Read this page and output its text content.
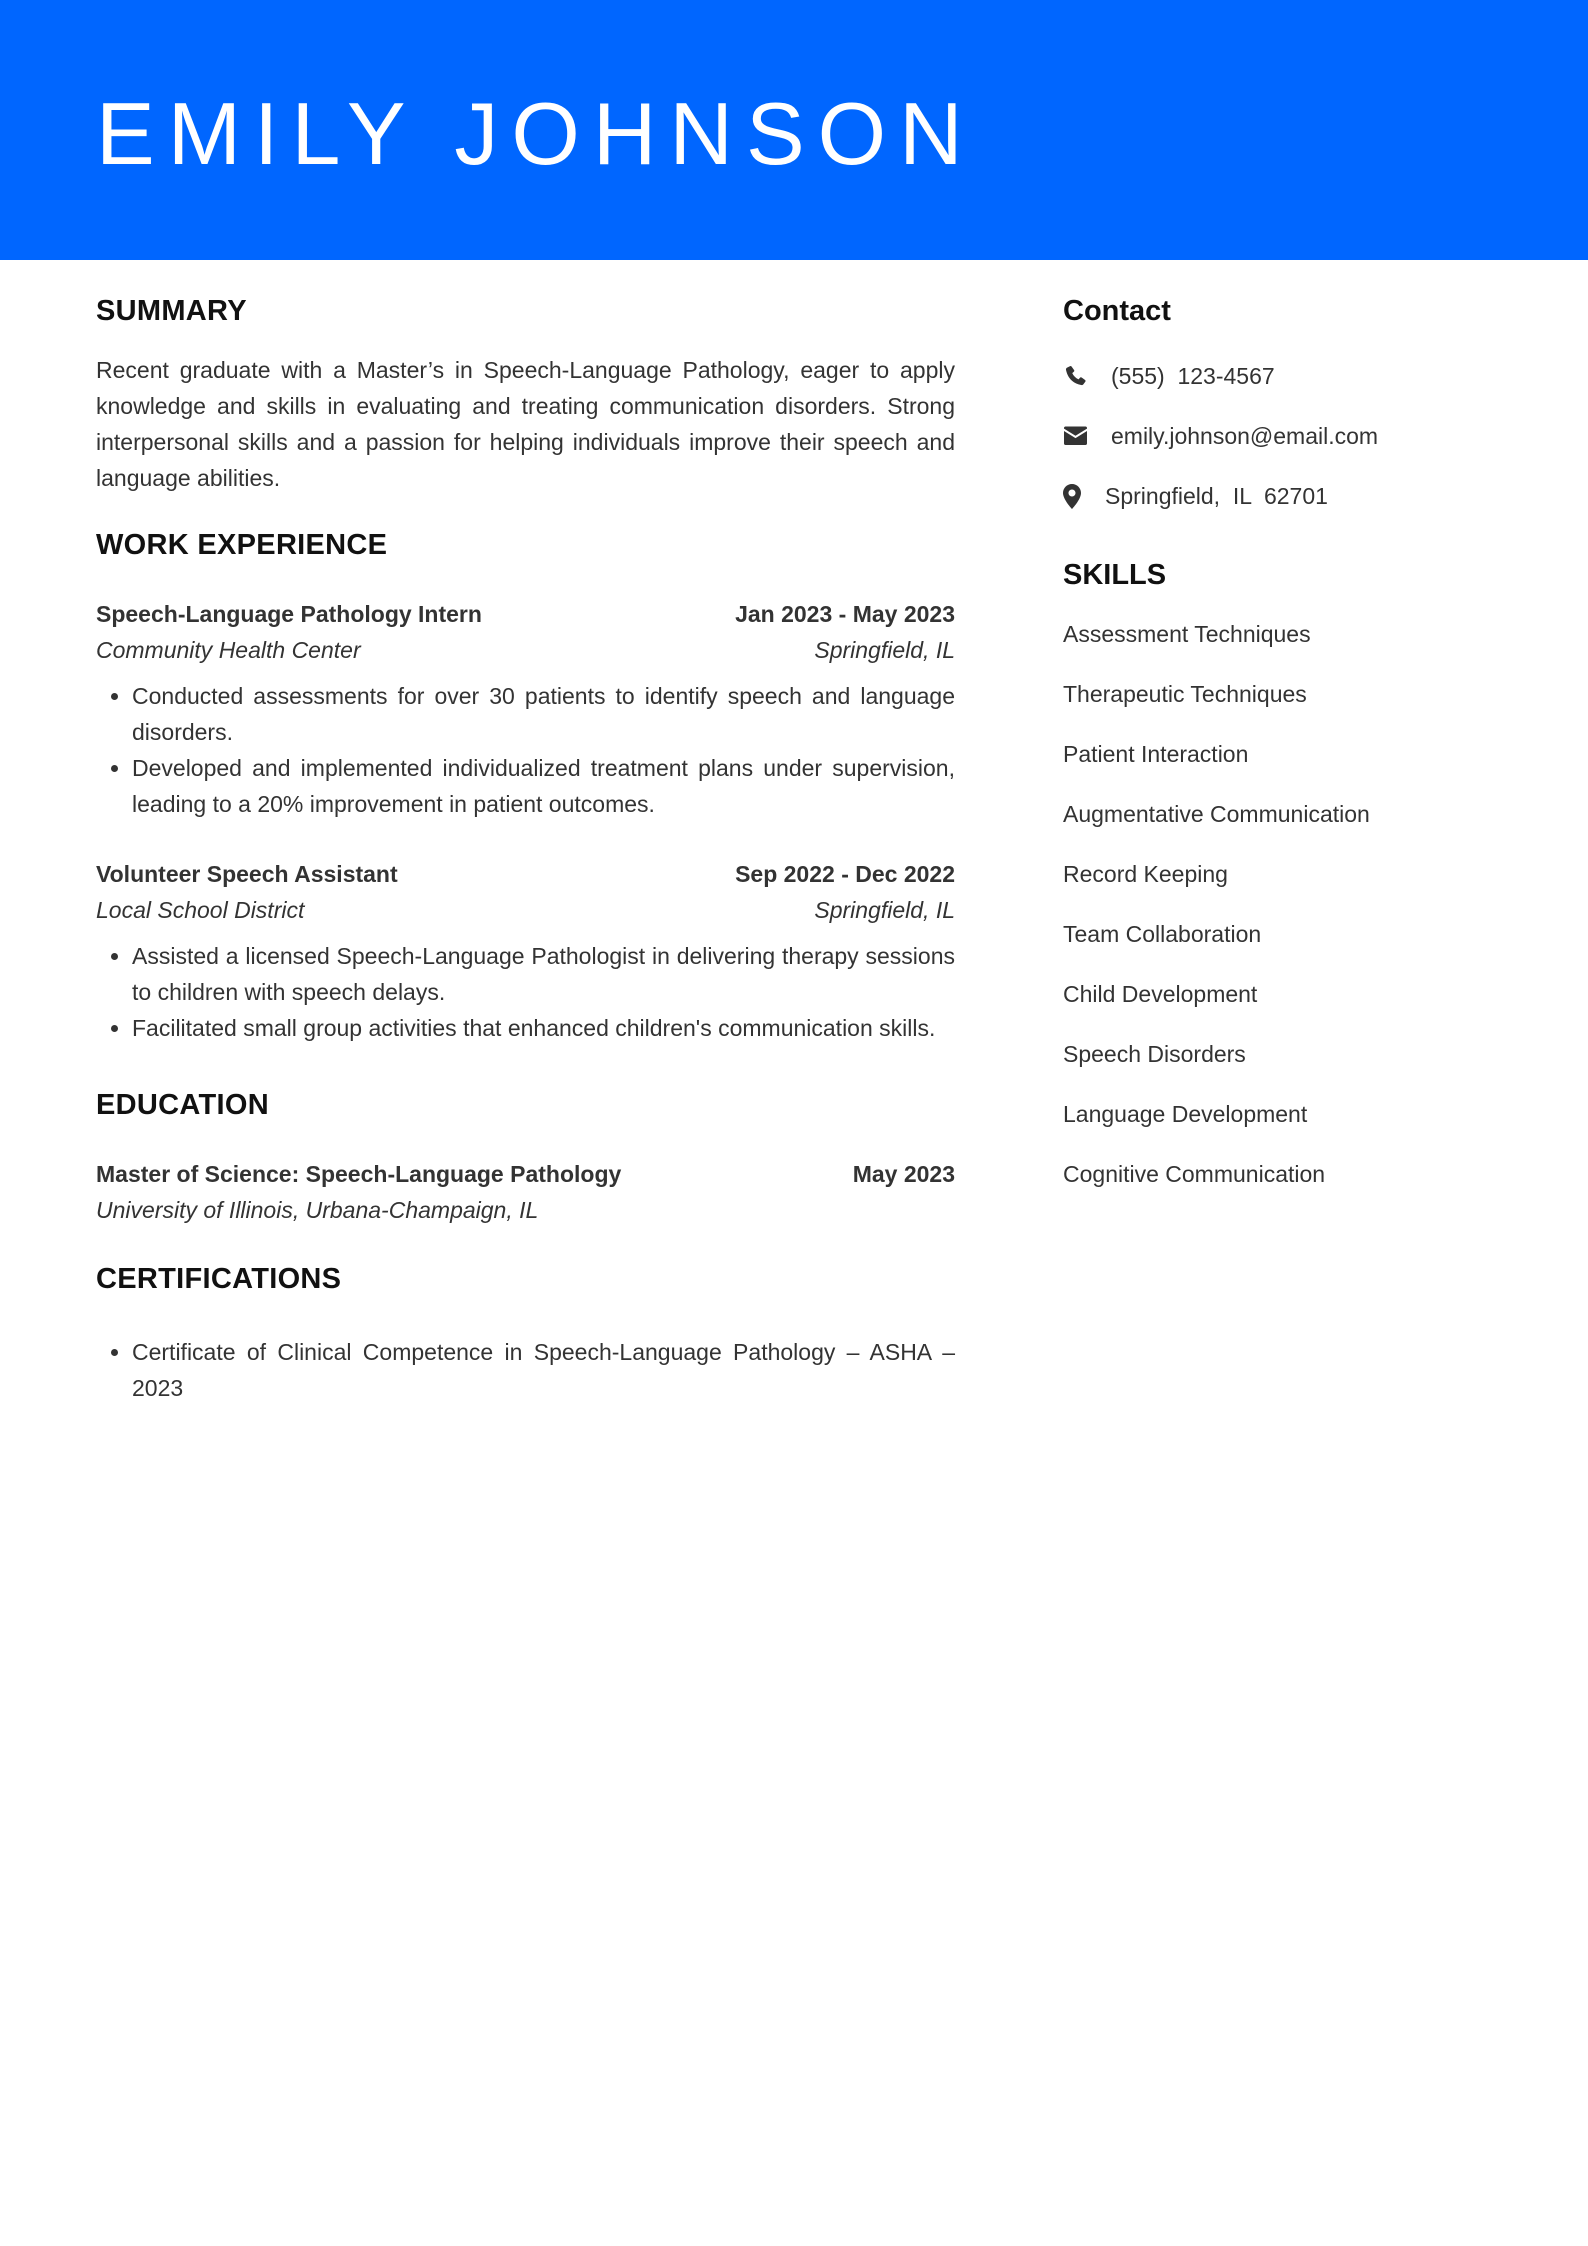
EMILY JOHNSON
SUMMARY

Recent graduate with a Master’s in Speech-Language Pathology, eager to apply knowledge and skills in evaluating and treating communication disorders. Strong interpersonal skills and a passion for helping individuals improve their speech and language abilities.

WORK EXPERIENCE
Speech-Language Pathology Intern	Jan 2023 - May 2023
Community Health Center	Springfield, IL
• Conducted assessments for over 30 patients to identify speech and language disorders.
• Developed and implemented individualized treatment plans under supervision, leading to a 20% improvement in patient outcomes.
Volunteer Speech Assistant	Sep 2022 - Dec 2022
Local School District	Springfield, IL
• Assisted a licensed Speech-Language Pathologist in delivering therapy sessions to children with speech delays.
• Facilitated small group activities that enhanced children's communication skills.
EDUCATION
Master of Science: Speech-Language Pathology	May 2023
University of Illinois, Urbana-Champaign, IL
CERTIFICATIONS
• Certificate of Clinical Competence in Speech-Language Pathology – ASHA – 2023
Contact
(555)  123-4567
emily.johnson@email.com
Springfield,  IL  62701
SKILLS
Assessment Techniques
Therapeutic Techniques
Patient Interaction
Augmentative Communication
Record Keeping
Team Collaboration
Child Development
Speech Disorders
Language Development
Cognitive Communication
